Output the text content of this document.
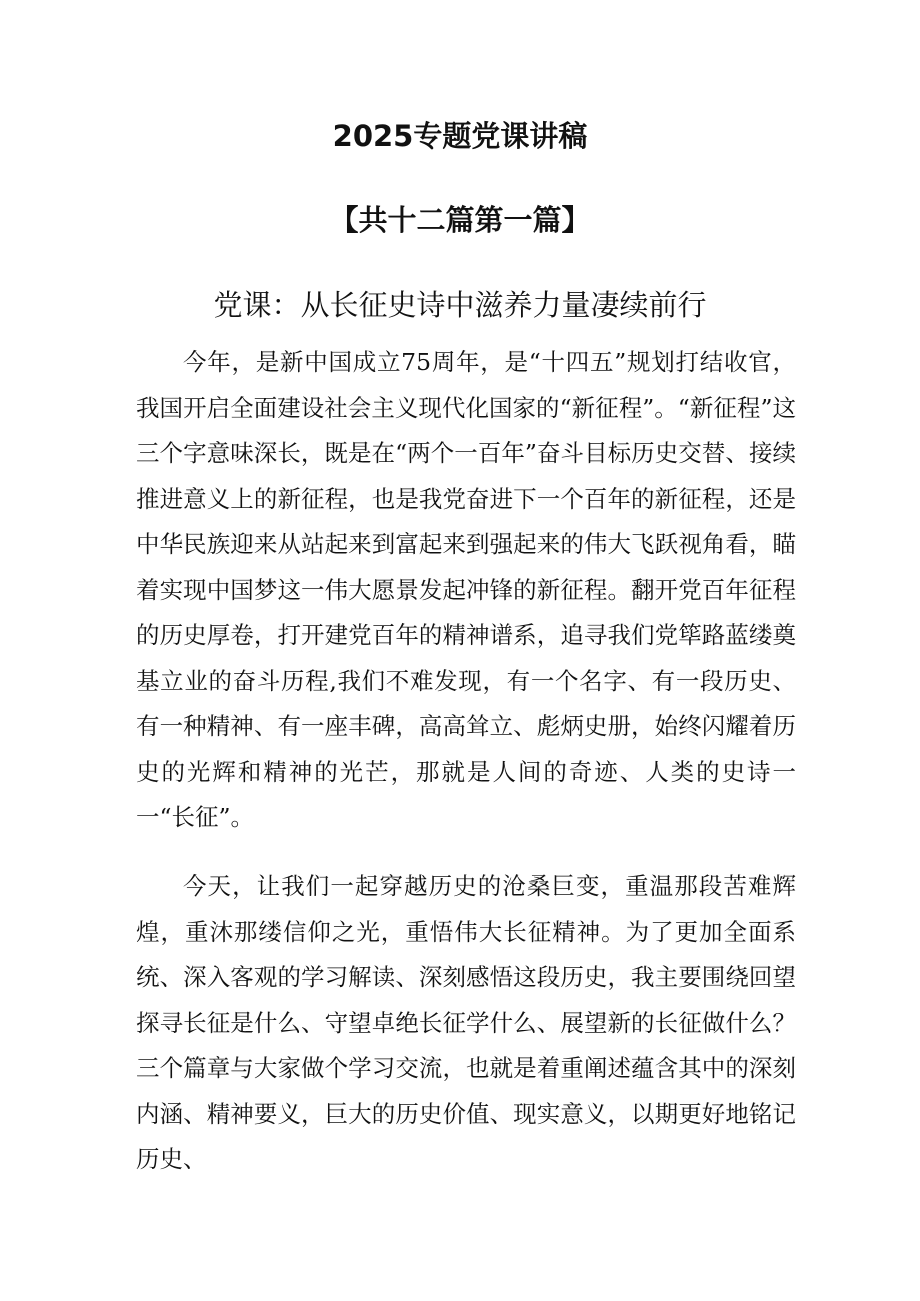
2025专题党课讲稿
【共十二篇第一篇】
党课：从长征史诗中滋养力量凄续前行

今年，是新中国成立75周年，是“十四五”规划打结收官，我国开启全面建设社会主义现代化国家的“新征程”。“新征程”这三个字意味深长，既是在“两个一百年”奋斗目标历史交替、接续推进意义上的新征程，也是我党奋进下一个百年的新征程，还是中华民族迎来从站起来到富起来到强起来的伟大飞跃视角看，瞄着实现中国梦这一伟大愿景发起冲锋的新征程。翻开党百年征程的历史厚卷，打开建党百年的精神谱系，追寻我们党筚路蓝缕奠基立业的奋斗历程,我们不难发现，有一个名字、有一段历史、有一种精神、有一座丰碑，高高耸立、彪炳史册，始终闪耀着历史的光辉和精神的光芒，那就是人间的奇迹、人类的史诗一一“长征”。

今天，让我们一起穿越历史的沧桑巨变，重温那段苦难辉煌，重沐那缕信仰之光，重悟伟大长征精神。为了更加全面系统、深入客观的学习解读、深刻感悟这段历史，我主要围绕回望探寻长征是什么、守望卓绝长征学什么、展望新的长征做什么？三个篇章与大家做个学习交流，也就是着重阐述蕴含其中的深刻内涵、精神要义，巨大的历史价值、现实意义，以期更好地铭记历史、
